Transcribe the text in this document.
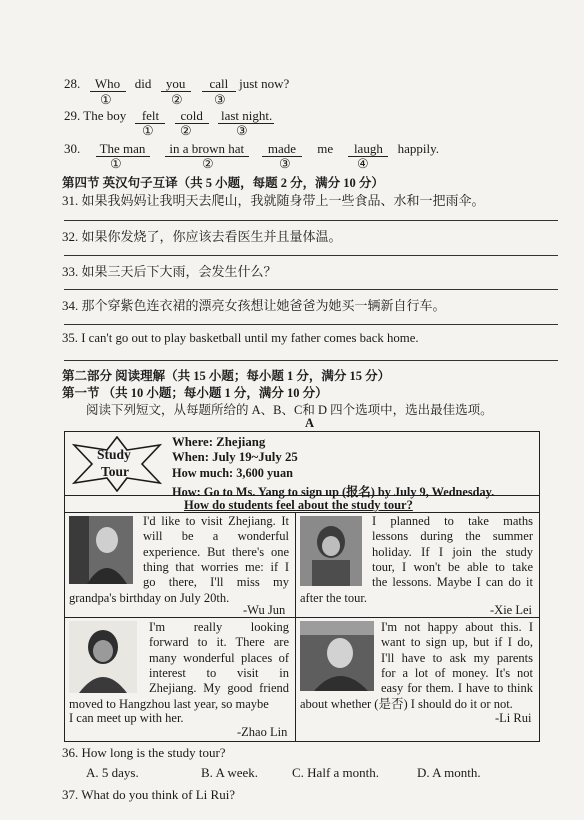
28. Who did you call just now?
①	② ③
29. The boy felt cold last night.
① ②	③
30. The man in a brown hat made me laugh happily.
①	②	③	④
第四节 英汉句子互译（共 5 小题，每题 2 分，满分 10 分）
31. 如果我妈妈让我明天去爬山，我就随身带上一些食品、水和一把雨伞。
32. 如果你发烧了，你应该去看医生并且量体温。
33. 如果三天后下大雨，会发生什么？
34. 那个穿紫色连衣裙的漂亮女孩想让她爸爸为她买一辆新自行车。
35. I can't go out to play basketball until my father comes back home.
第二部分 阅读理解（共 15 小题；每小题 1 分，满分 15 分）
第一节 （共 10 小题；每小题 1 分，满分 10 分）
阅读下列短文，从每题所给的 A、B、C和 D 四个选项中，选出最佳选项。
A
Study
Tour
Where: Zhejiang
When: July 19~July 25
How much: 3,600 yuan
How: Go to Ms. Yang to sign up (报名) by July 9, Wednesday.
How do students feel about the study tour?
I'd like to visit Zhejiang. It
will be a wonderful
experience. But there's one
thing that worries me: if I
go there, I'll miss my
grandpa's birthday on July 20th.
-Wu Jun
I planned to take maths
lessons during the summer
holiday. If I join the study
tour, I won't be able to take
the lessons. Maybe I can do it
after the tour.
-Xie Lei
I'm really looking
forward to it. There are
many wonderful places of
interest to visit in
Zhejiang. My good friend
moved to Hangzhou last year, so maybe
I can meet up with her.
-Zhao Lin
I'm not happy about this. I
want to sign up, but if I do,
I'll have to ask my parents
for a lot of money. It's not
easy for them. I have to think
about whether (是否) I should do it or not.
-Li Rui
36. How long is the study tour?
A. 5 days.	B. A week.	C. Half a month.	D. A month.
37. What do you think of Li Rui?
